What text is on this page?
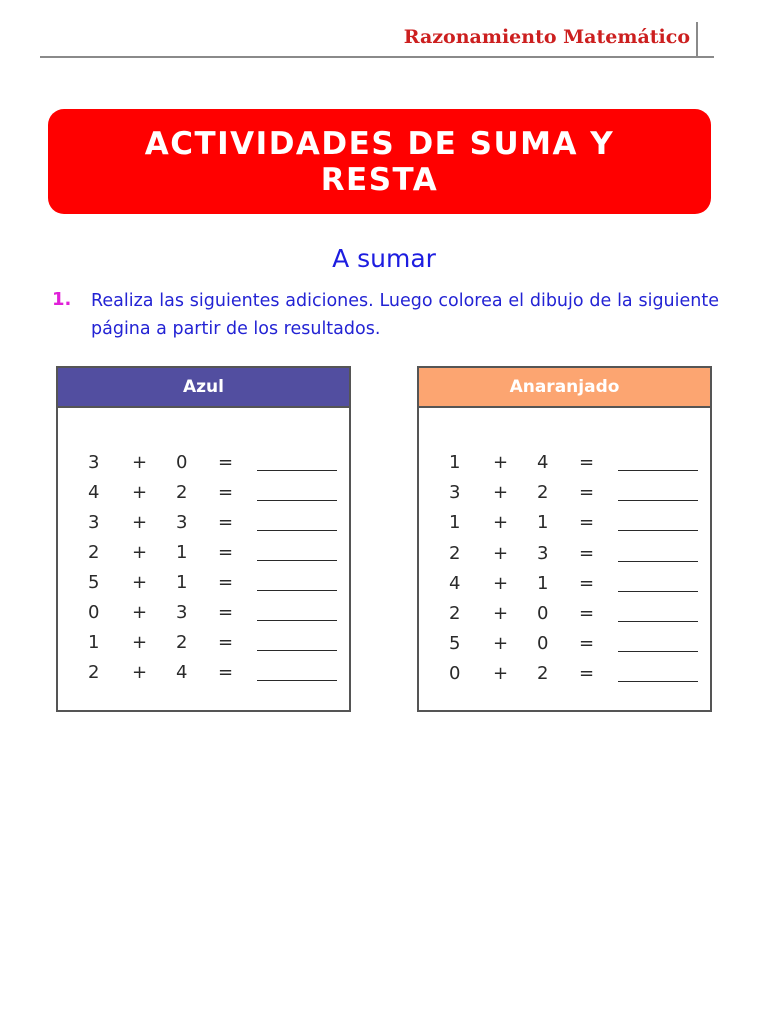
Razonamiento Matemático
ACTIVIDADES DE SUMA Y RESTA
A sumar
1. Realiza las siguientes adiciones. Luego colorea el dibujo de la siguiente página a partir de los resultados.
Azul
3 + 0 =
4 + 2 =
3 + 3 =
2 + 1 =
5 + 1 =
0 + 3 =
1 + 2 =
2 + 4 =
Anaranjado
1 + 4 =
3 + 2 =
1 + 1 =
2 + 3 =
4 + 1 =
2 + 0 =
5 + 0 =
0 + 2 =
